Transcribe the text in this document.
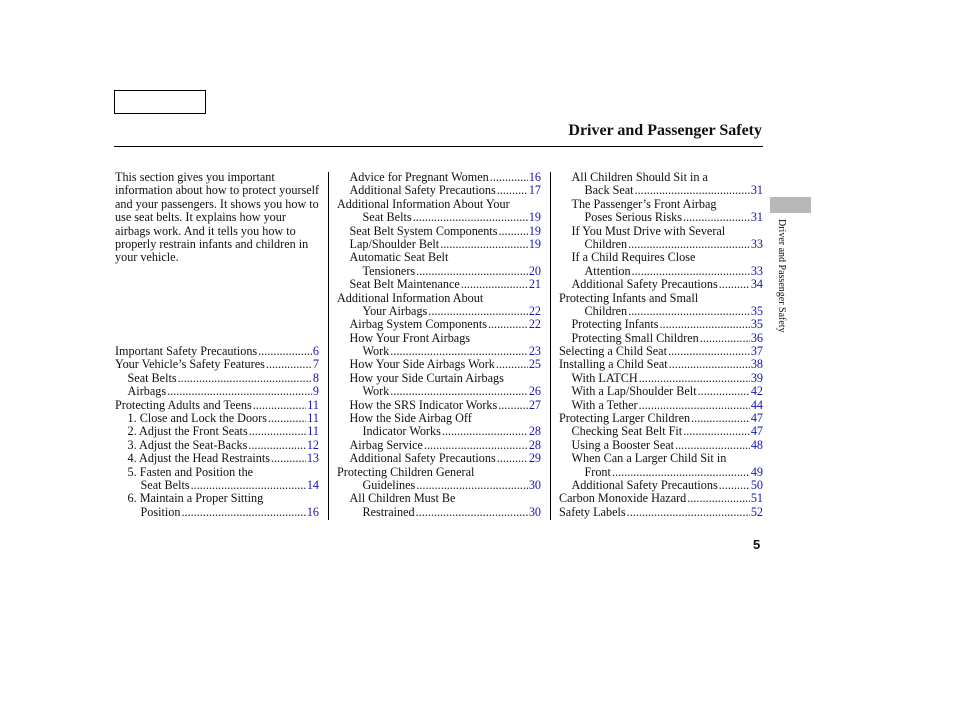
Driver and Passenger Safety
Driver and Passenger Safety

This section gives you important information about how to protect yourself and your passengers. It shows you how to use seat belts. It explains how your airbags work. And it tells you how to properly restrain infants and children in your vehicle.

Important Safety Precautions .....	6
Your Vehicle’s Safety Features .....	7
Seat Belts .....	8
Airbags .....	9
Protecting Adults and Teens .....	11
1. Close and Lock the Doors .....	11
2. Adjust the Front Seats .....	11
3. Adjust the Seat-Backs .....	12
4. Adjust the Head Restraints .....	13
5. Fasten and Position the
Seat Belts .....	14
6. Maintain a Proper Sitting
Position .....	16
Advice for Pregnant Women .....	16
Additional Safety Precautions .....	17
Additional Information About Your
Seat Belts .....	19
Seat Belt System Components .....	19
Lap/Shoulder Belt .....	19
Automatic Seat Belt
Tensioners .....	20
Seat Belt Maintenance .....	21
Additional Information About
Your Airbags .....	22
Airbag System Components .....	22
How Your Front Airbags
Work .....	23
How Your Side Airbags Work .....	25
How your Side Curtain Airbags
Work .....	26
How the SRS Indicator Works .....	27
How the Side Airbag Off
Indicator Works .....	28
Airbag Service .....	28
Additional Safety Precautions .....	29
Protecting Children General
Guidelines .....	30
All Children Must Be
Restrained .....	30
All Children Should Sit in a
Back Seat .....	31
The Passenger’s Front Airbag
Poses Serious Risks .....	31
If You Must Drive with Several
Children .....	33
If a Child Requires Close
Attention .....	33
Additional Safety Precautions .....	34
Protecting Infants and Small
Children .....	35
Protecting Infants .....	35
Protecting Small Children .....	36
Selecting a Child Seat .....	37
Installing a Child Seat .....	38
With LATCH .....	39
With a Lap/Shoulder Belt .....	42
With a Tether .....	44
Protecting Larger Children .....	47
Checking Seat Belt Fit .....	47
Using a Booster Seat .....	48
When Can a Larger Child Sit in
Front .....	49
Additional Safety Precautions .....	50
Carbon Monoxide Hazard .....	51
Safety Labels .....	52
5
